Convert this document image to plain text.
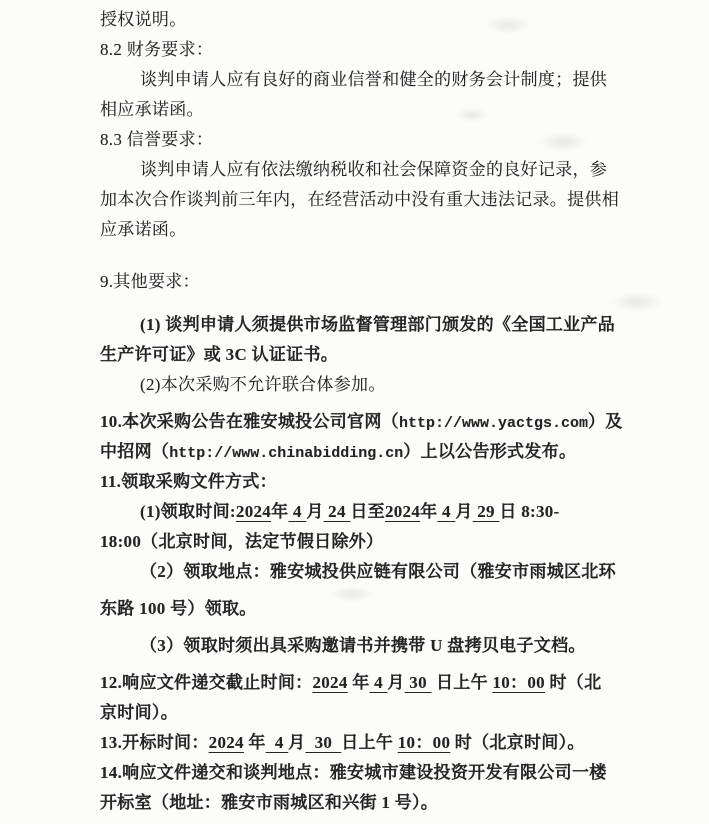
授权说明。

8.2 财务要求：

谈判申请人应有良好的商业信誉和健全的财务会计制度；提供

相应承诺函。

8.3 信誉要求：

谈判申请人应有依法缴纳税收和社会保障资金的良好记录，参

加本次合作谈判前三年内，在经营活动中没有重大违法记录。提供相

应承诺函。

9.其他要求：

(1) 谈判申请人须提供市场监督管理部门颁发的《全国工业产品

生产许可证》或 3C 认证证书。

(2)本次采购不允许联合体参加。

10.本次采购公告在雅安城投公司官网（http://www.yactgs.com）及

中招网（http://www.chinabidding.cn）上以公告形式发布。

11.领取采购文件方式：

(1)领取时间:2024年 4 月 24 日至2024年 4 月 29 日 8:30-

18:00（北京时间，法定节假日除外）

（2）领取地点：雅安城投供应链有限公司（雅安市雨城区北环

东路 100 号）领取。

（3）领取时须出具采购邀请书并携带 U 盘拷贝电子文档。

12.响应文件递交截止时间：2024 年 4 月 30  日上午 10：00 时（北

京时间）。

13.开标时间：2024 年  4 月  30  日上午 10：00 时（北京时间）。

14.响应文件递交和谈判地点：雅安城市建设投资开发有限公司一楼

开标室（地址：雅安市雨城区和兴街 1 号）。
